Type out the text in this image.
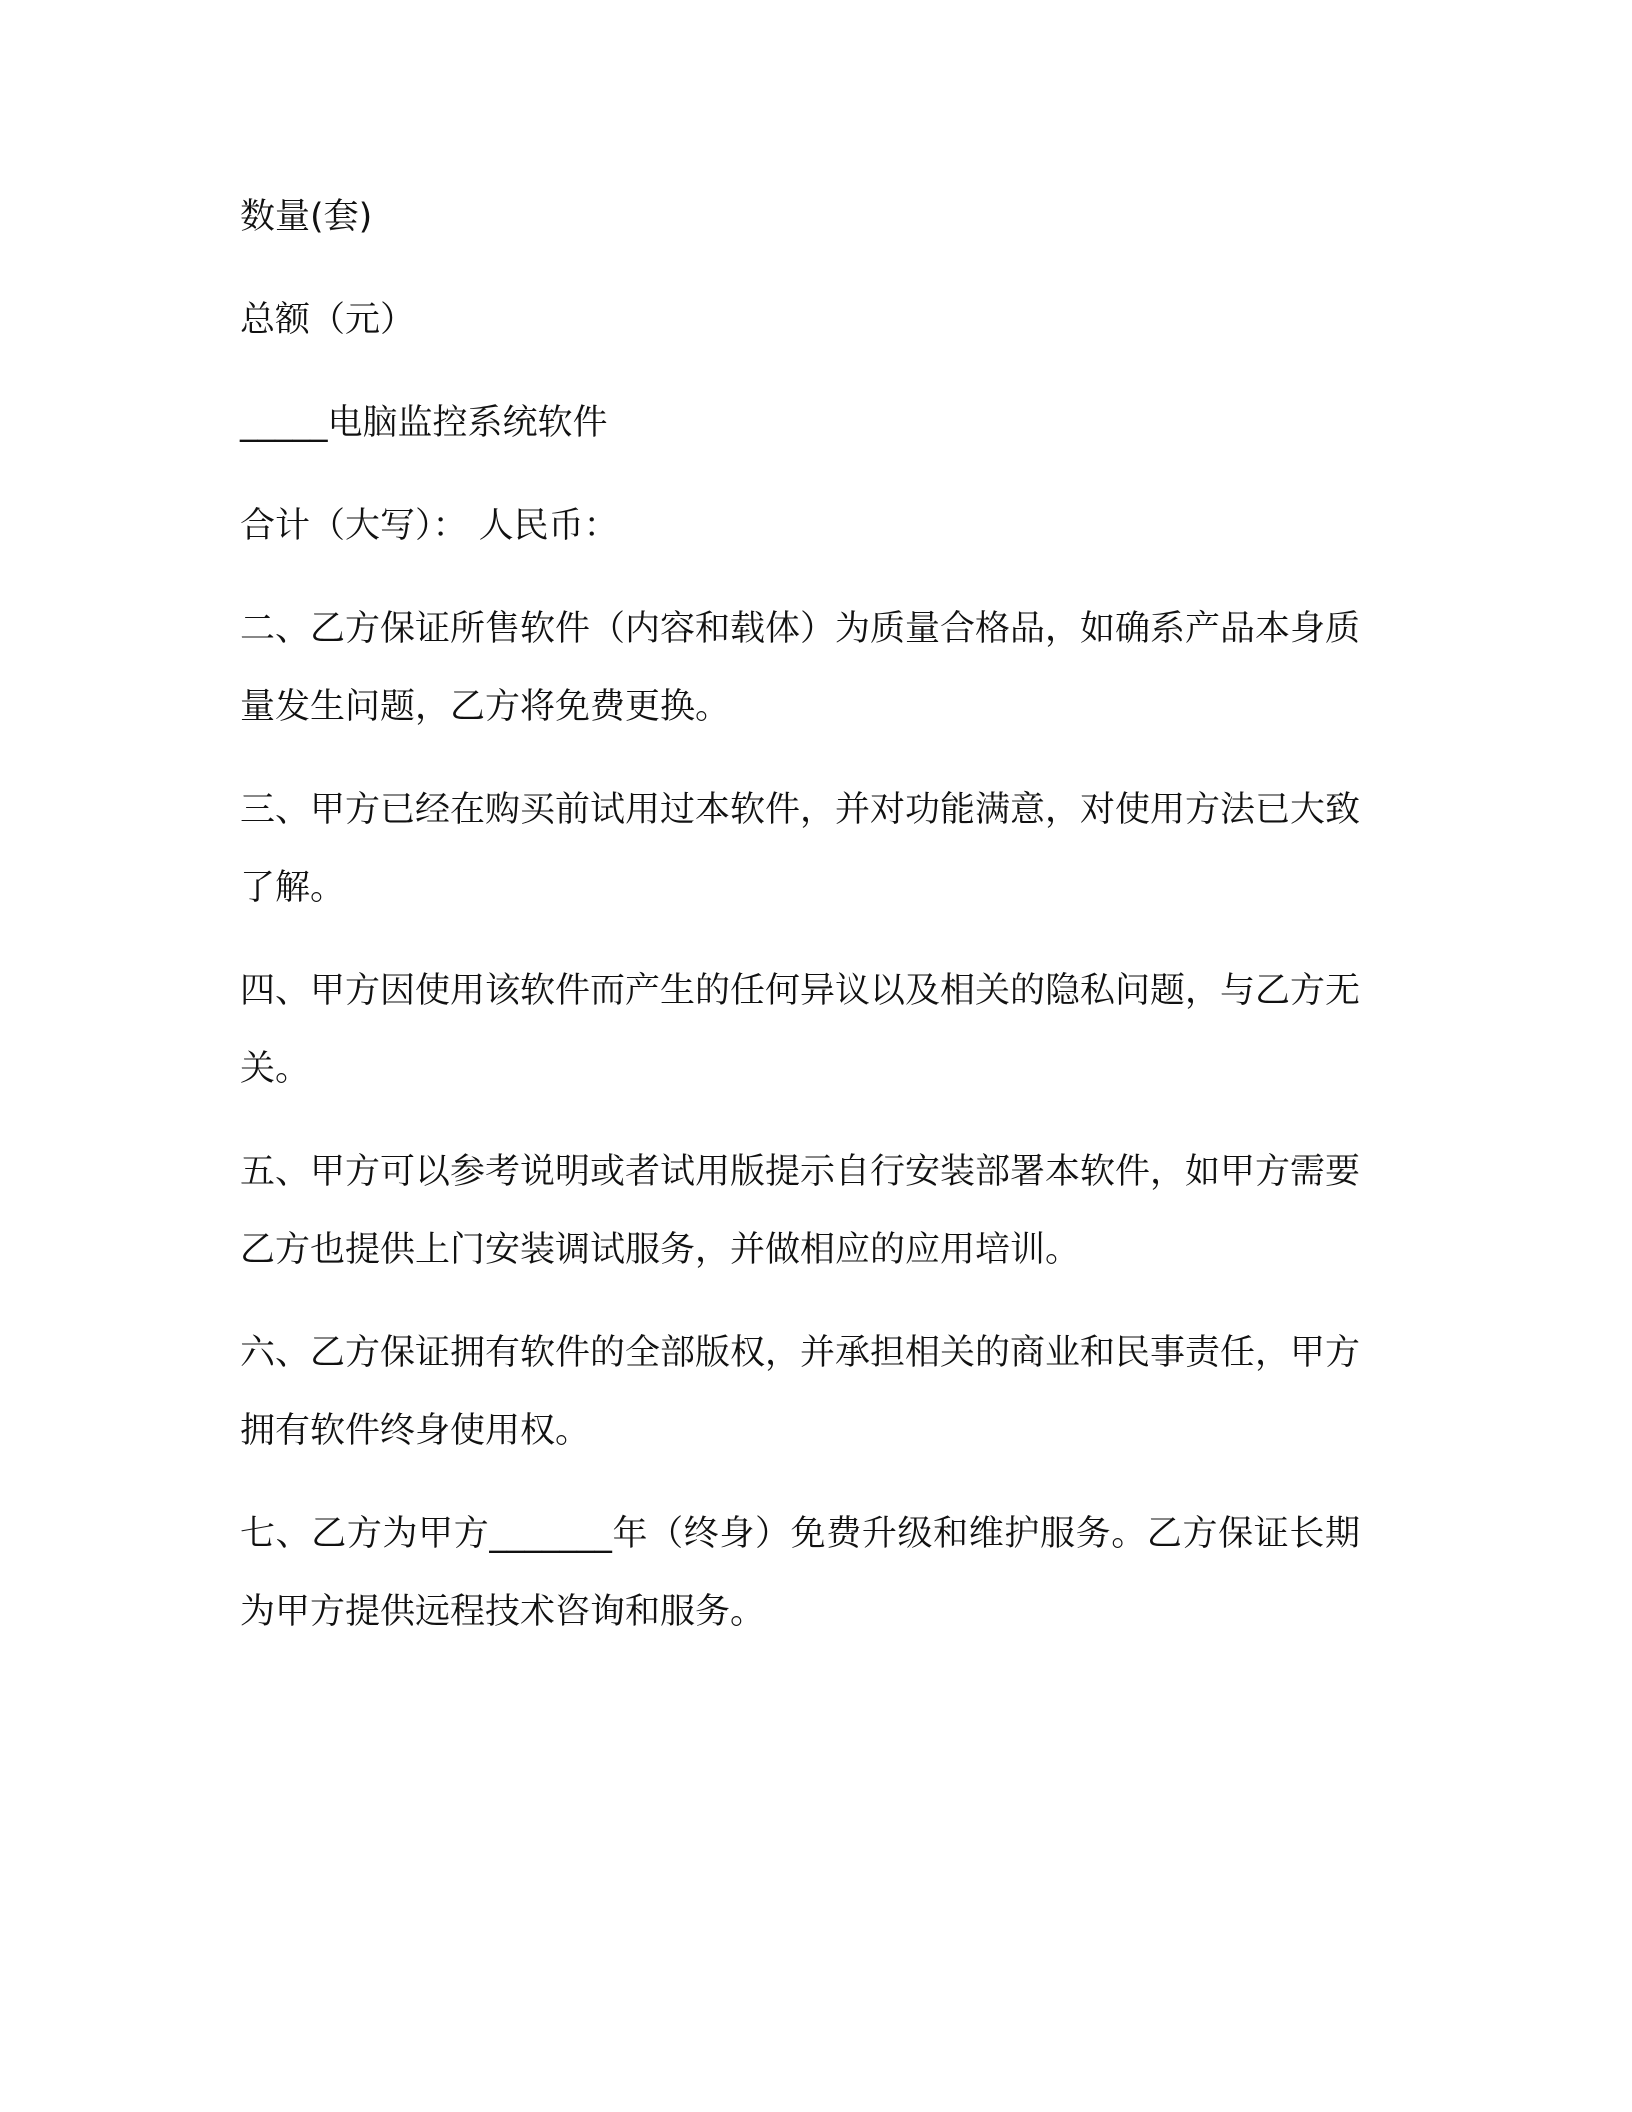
数量(套)
总额（元）
_____电脑监控系统软件
合计（大写）： 人民币：
二、乙方保证所售软件（内容和载体）为质量合格品，如确系产品本身质量发生问题，乙方将免费更换。
三、甲方已经在购买前试用过本软件，并对功能满意，对使用方法已大致了解。
四、甲方因使用该软件而产生的任何异议以及相关的隐私问题，与乙方无关。
五、甲方可以参考说明或者试用版提示自行安装部署本软件，如甲方需要乙方也提供上门安装调试服务，并做相应的应用培训。
六、乙方保证拥有软件的全部版权，并承担相关的商业和民事责任，甲方拥有软件终身使用权。
七、乙方为甲方_______年（终身）免费升级和维护服务。乙方保证长期为甲方提供远程技术咨询和服务。
